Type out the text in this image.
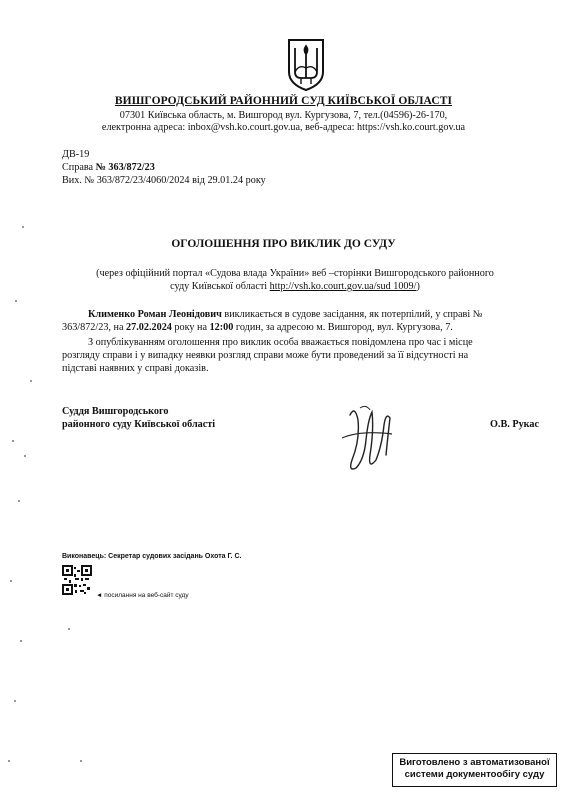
ВИШГОРОДСЬКИЙ РАЙОННИЙ СУД КИЇВСЬКОЇ ОБЛАСТІ
07301 Київська область, м. Вишгород вул. Кургузова, 7, тел.(04596)-26-170,
електронна адреса: inbox@vsh.ko.court.gov.ua, веб-адреса: https://vsh.ko.court.gov.ua
ДВ-19
Справа № 363/872/23
Вих. № 363/872/23/4060/2024 від 29.01.24 року
ОГОЛОШЕННЯ ПРО ВИКЛИК ДО СУДУ
(через офіційний портал «Судова влада України» веб –сторінки Вишгородського районного
суду Київської області http://vsh.ko.court.gov.ua/sud 1009/)
Клименко Роман Леонідович викликається в судове засідання, як потерпілий, у справі №
363/872/23, на 27.02.2024 року на 12:00 годин, за адресою м. Вишгород, вул. Кургузова, 7.
З опублікуванням оголошення про виклик особа вважається повідомлена про час і місце
розгляду справи і у випадку неявки розгляд справи може бути проведений за її відсутності на
підставі наявних у справі доказів.
Суддя Вишгородського
районного суду Київської області	О.В. Рукас
Виконавець: Секретар судових засідань Охота Г. С.
◄ посилання на веб-сайт суду
Виготовлено з автоматизованої
системи документообігу суду
